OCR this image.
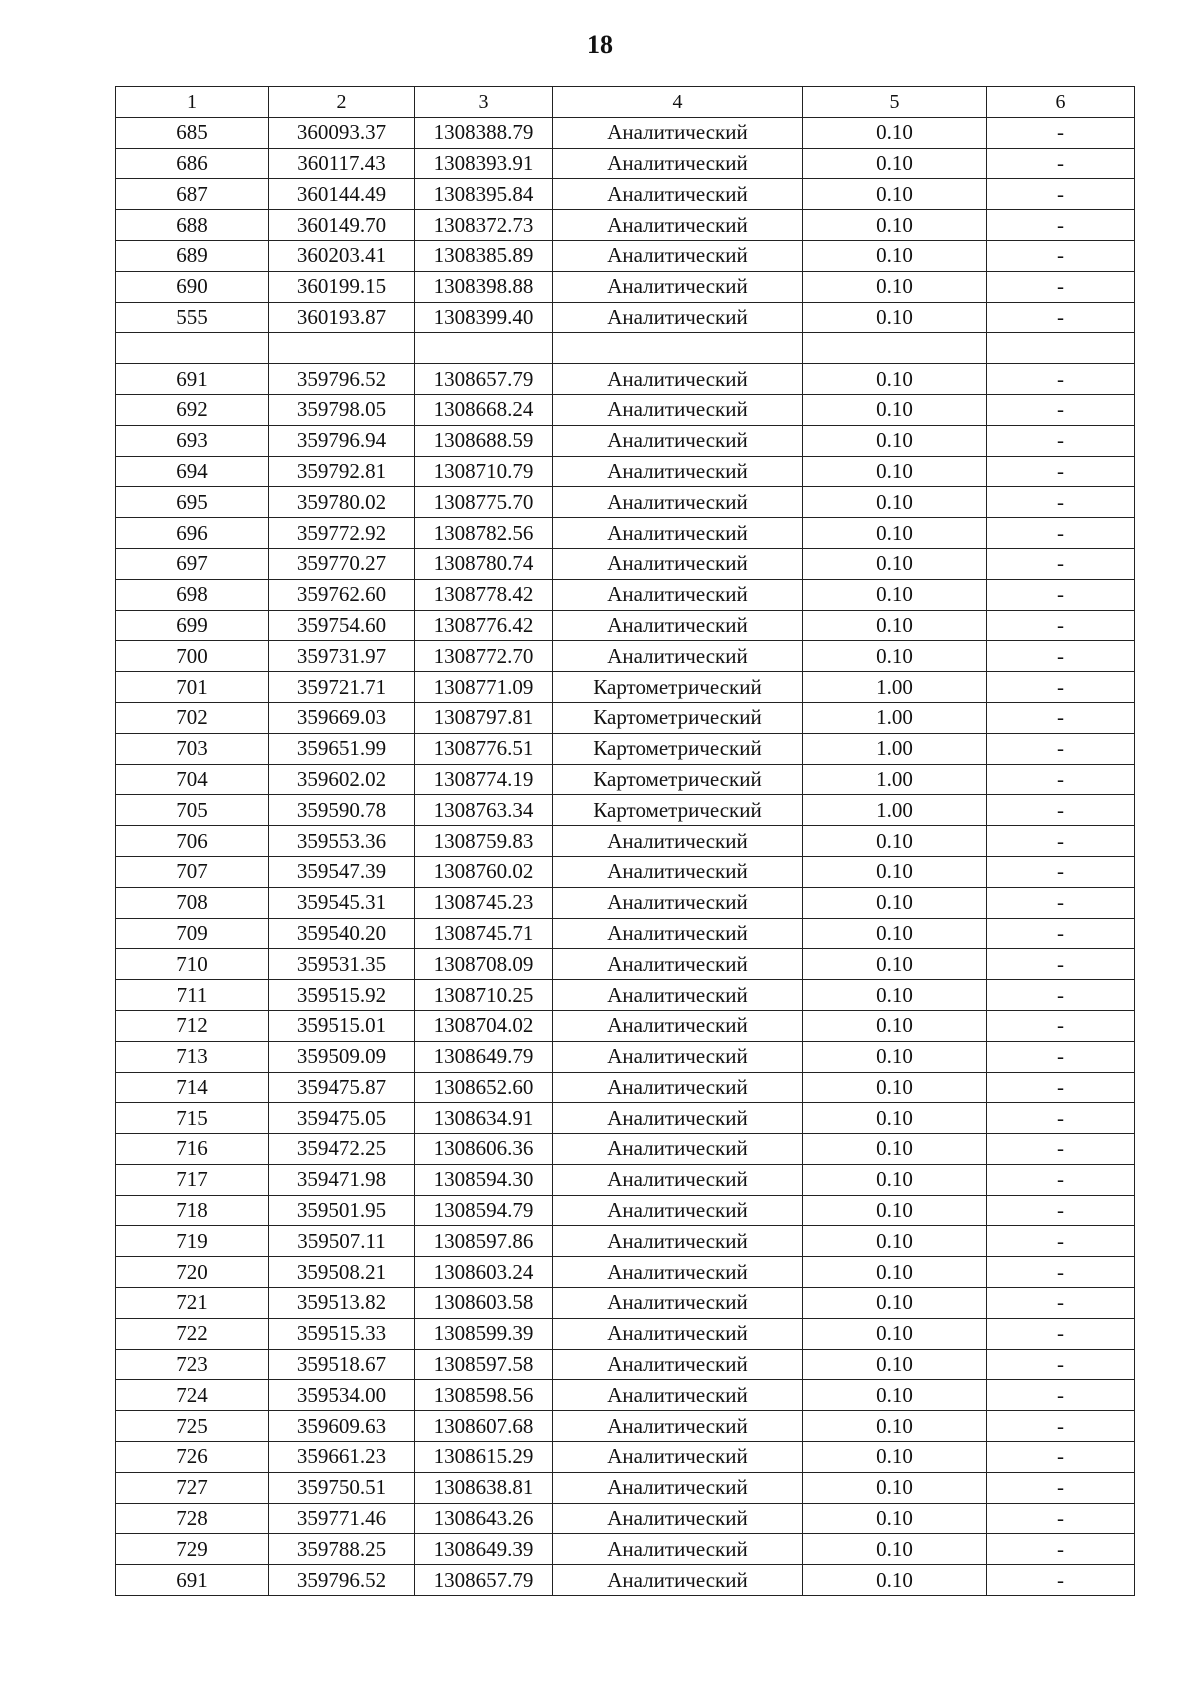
18
1	2	3	4	5	6
685	360093.37	1308388.79	Аналитический	0.10	-
686	360117.43	1308393.91	Аналитический	0.10	-
687	360144.49	1308395.84	Аналитический	0.10	-
688	360149.70	1308372.73	Аналитический	0.10	-
689	360203.41	1308385.89	Аналитический	0.10	-
690	360199.15	1308398.88	Аналитический	0.10	-
555	360193.87	1308399.40	Аналитический	0.10	-

691	359796.52	1308657.79	Аналитический	0.10	-
692	359798.05	1308668.24	Аналитический	0.10	-
693	359796.94	1308688.59	Аналитический	0.10	-
694	359792.81	1308710.79	Аналитический	0.10	-
695	359780.02	1308775.70	Аналитический	0.10	-
696	359772.92	1308782.56	Аналитический	0.10	-
697	359770.27	1308780.74	Аналитический	0.10	-
698	359762.60	1308778.42	Аналитический	0.10	-
699	359754.60	1308776.42	Аналитический	0.10	-
700	359731.97	1308772.70	Аналитический	0.10	-
701	359721.71	1308771.09	Картометрический	1.00	-
702	359669.03	1308797.81	Картометрический	1.00	-
703	359651.99	1308776.51	Картометрический	1.00	-
704	359602.02	1308774.19	Картометрический	1.00	-
705	359590.78	1308763.34	Картометрический	1.00	-
706	359553.36	1308759.83	Аналитический	0.10	-
707	359547.39	1308760.02	Аналитический	0.10	-
708	359545.31	1308745.23	Аналитический	0.10	-
709	359540.20	1308745.71	Аналитический	0.10	-
710	359531.35	1308708.09	Аналитический	0.10	-
711	359515.92	1308710.25	Аналитический	0.10	-
712	359515.01	1308704.02	Аналитический	0.10	-
713	359509.09	1308649.79	Аналитический	0.10	-
714	359475.87	1308652.60	Аналитический	0.10	-
715	359475.05	1308634.91	Аналитический	0.10	-
716	359472.25	1308606.36	Аналитический	0.10	-
717	359471.98	1308594.30	Аналитический	0.10	-
718	359501.95	1308594.79	Аналитический	0.10	-
719	359507.11	1308597.86	Аналитический	0.10	-
720	359508.21	1308603.24	Аналитический	0.10	-
721	359513.82	1308603.58	Аналитический	0.10	-
722	359515.33	1308599.39	Аналитический	0.10	-
723	359518.67	1308597.58	Аналитический	0.10	-
724	359534.00	1308598.56	Аналитический	0.10	-
725	359609.63	1308607.68	Аналитический	0.10	-
726	359661.23	1308615.29	Аналитический	0.10	-
727	359750.51	1308638.81	Аналитический	0.10	-
728	359771.46	1308643.26	Аналитический	0.10	-
729	359788.25	1308649.39	Аналитический	0.10	-
691	359796.52	1308657.79	Аналитический	0.10	-
